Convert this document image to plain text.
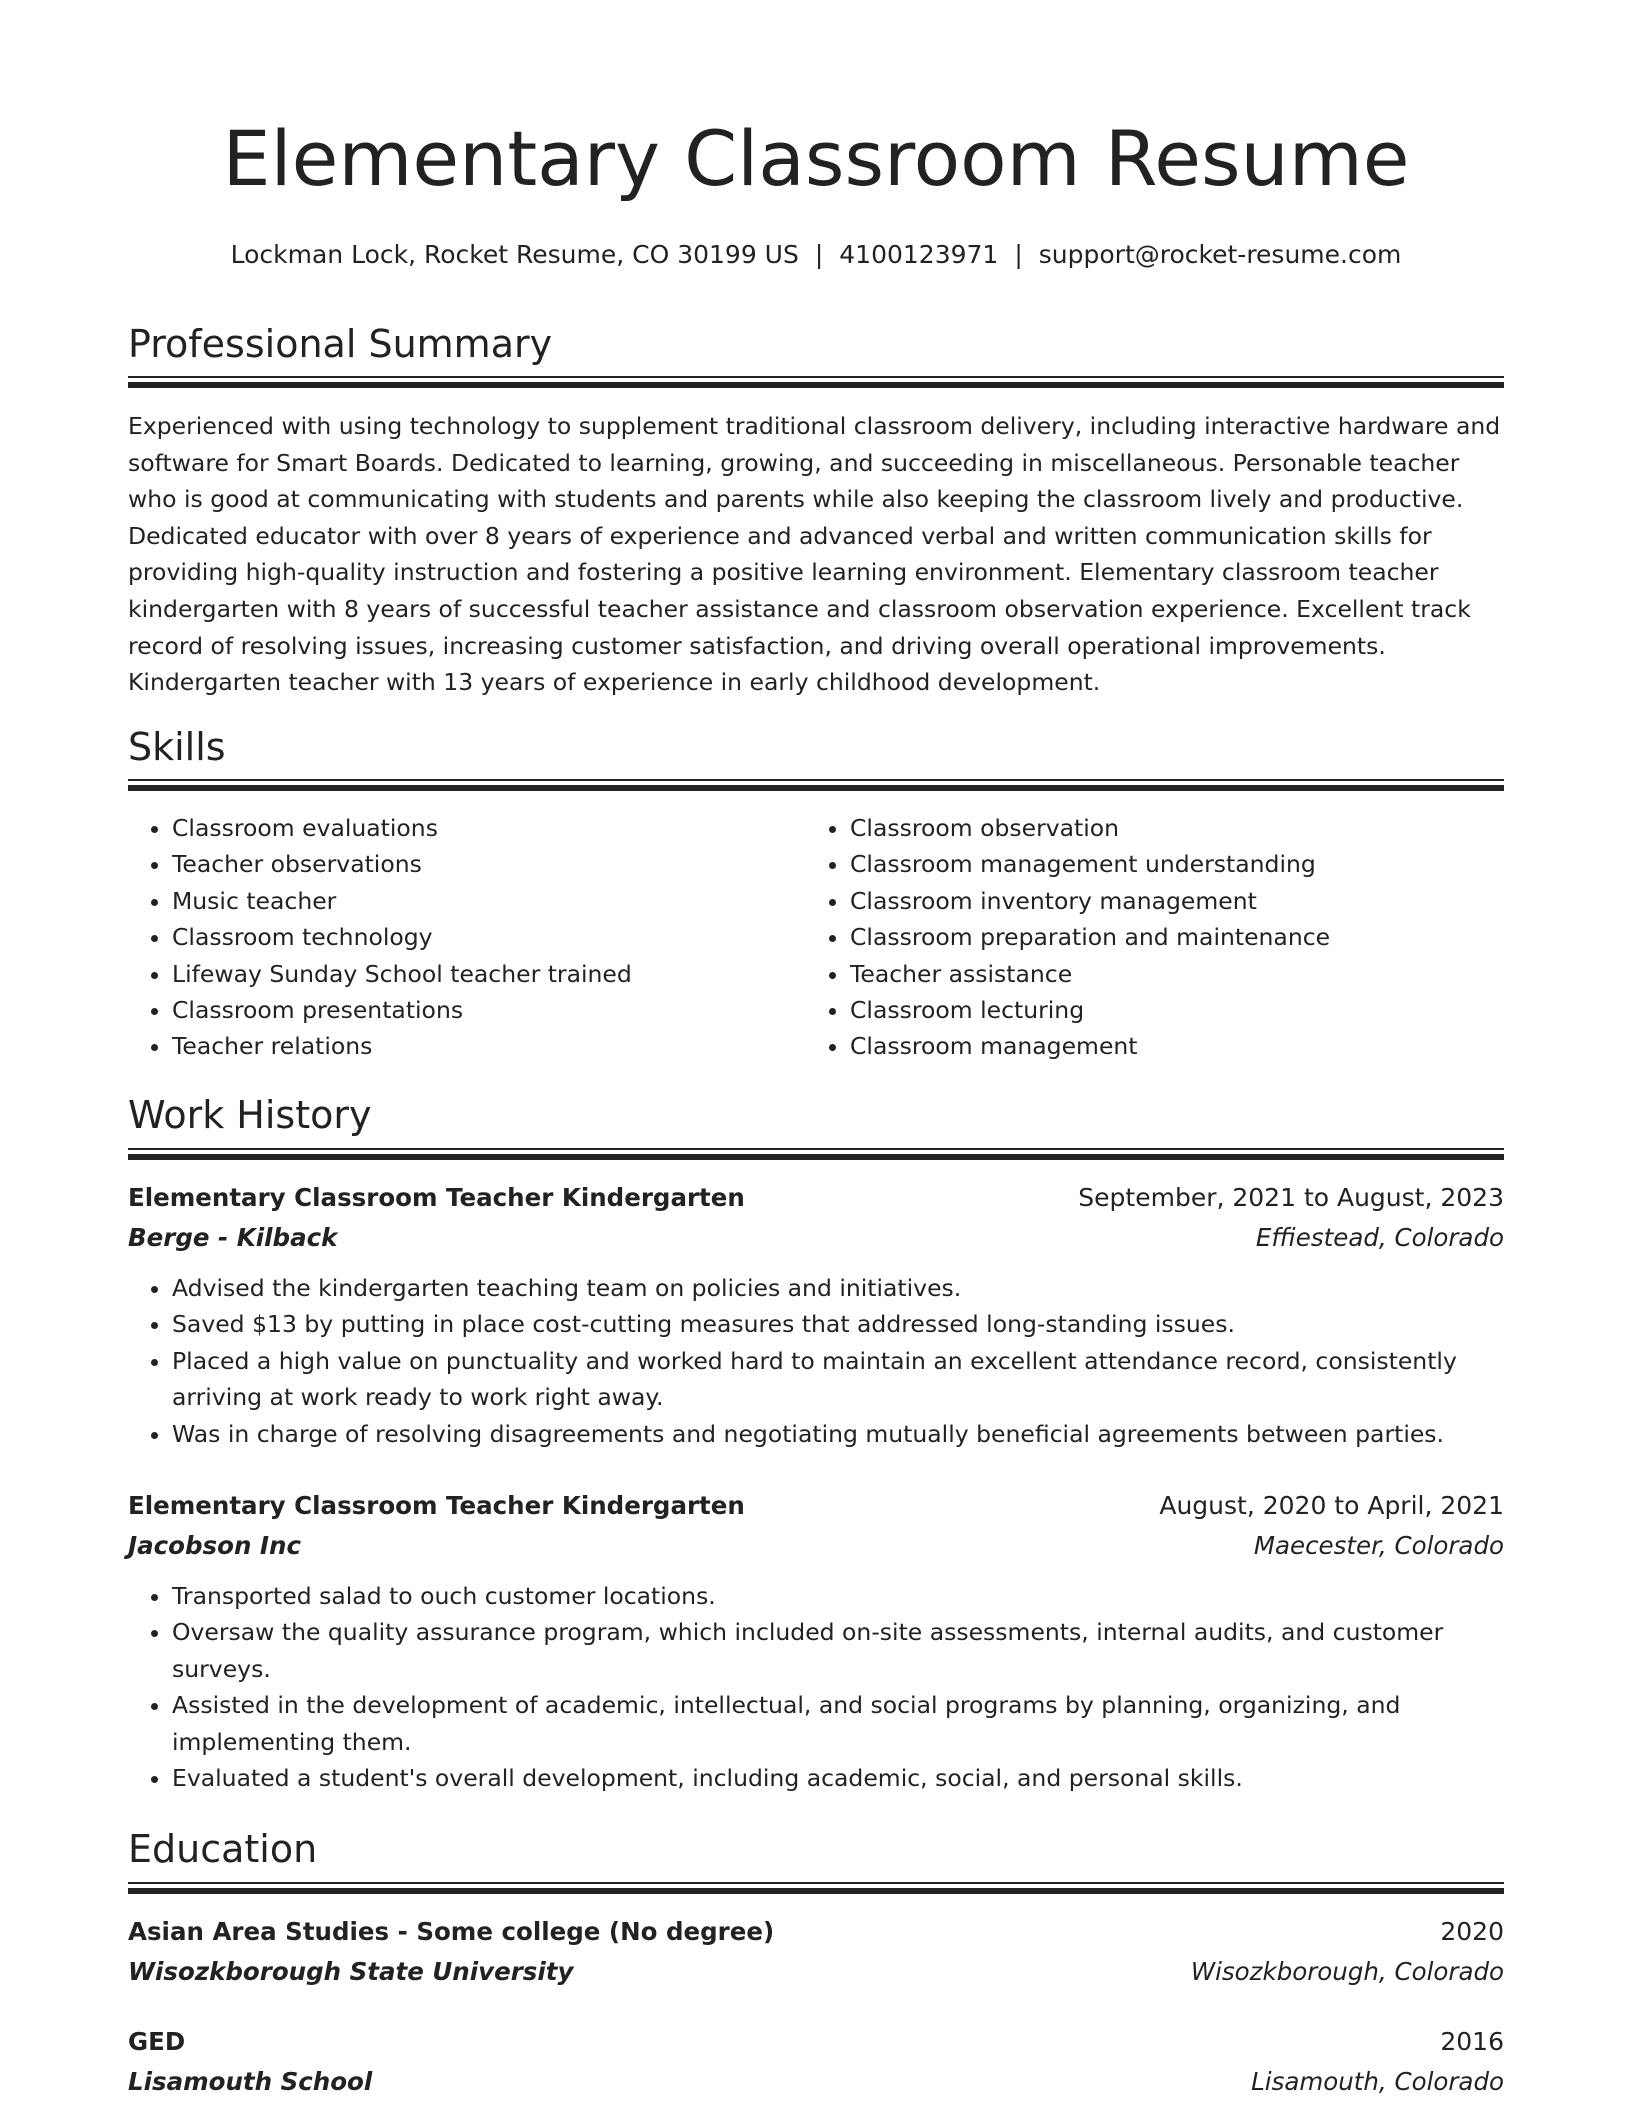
Elementary Classroom Resume
Lockman Lock, Rocket Resume, CO 30199 US | 4100123971 | support@rocket-resume.com
Professional Summary

Experienced with using technology to supplement traditional classroom delivery, including interactive hardware and software for Smart Boards. Dedicated to learning, growing, and succeeding in miscellaneous. Personable teacher who is good at communicating with students and parents while also keeping the classroom lively and productive. Dedicated educator with over 8 years of experience and advanced verbal and written communication skills for providing high-quality instruction and fostering a positive learning environment. Elementary classroom teacher kindergarten with 8 years of successful teacher assistance and classroom observation experience. Excellent track record of resolving issues, increasing customer satisfaction, and driving overall operational improvements. Kindergarten teacher with 13 years of experience in early childhood development.

Skills
• Classroom evaluations
• Teacher observations
• Music teacher
• Classroom technology
• Lifeway Sunday School teacher trained
• Classroom presentations
• Teacher relations
• Classroom observation
• Classroom management understanding
• Classroom inventory management
• Classroom preparation and maintenance
• Teacher assistance
• Classroom lecturing
• Classroom management
Work History
Elementary Classroom Teacher Kindergarten	September, 2021 to August, 2023
Berge - Kilback	Effiestead, Colorado
• Advised the kindergarten teaching team on policies and initiatives.
• Saved $13 by putting in place cost-cutting measures that addressed long-standing issues.
• Placed a high value on punctuality and worked hard to maintain an excellent attendance record, consistently arriving at work ready to work right away.
• Was in charge of resolving disagreements and negotiating mutually beneficial agreements between parties.
Elementary Classroom Teacher Kindergarten	August, 2020 to April, 2021
Jacobson Inc	Maecester, Colorado
• Transported salad to ouch customer locations.
• Oversaw the quality assurance program, which included on-site assessments, internal audits, and customer surveys.
• Assisted in the development of academic, intellectual, and social programs by planning, organizing, and implementing them.
• Evaluated a student's overall development, including academic, social, and personal skills.
Education
Asian Area Studies - Some college (No degree)	2020
Wisozkborough State University	Wisozkborough, Colorado
GED	2016
Lisamouth School	Lisamouth, Colorado
